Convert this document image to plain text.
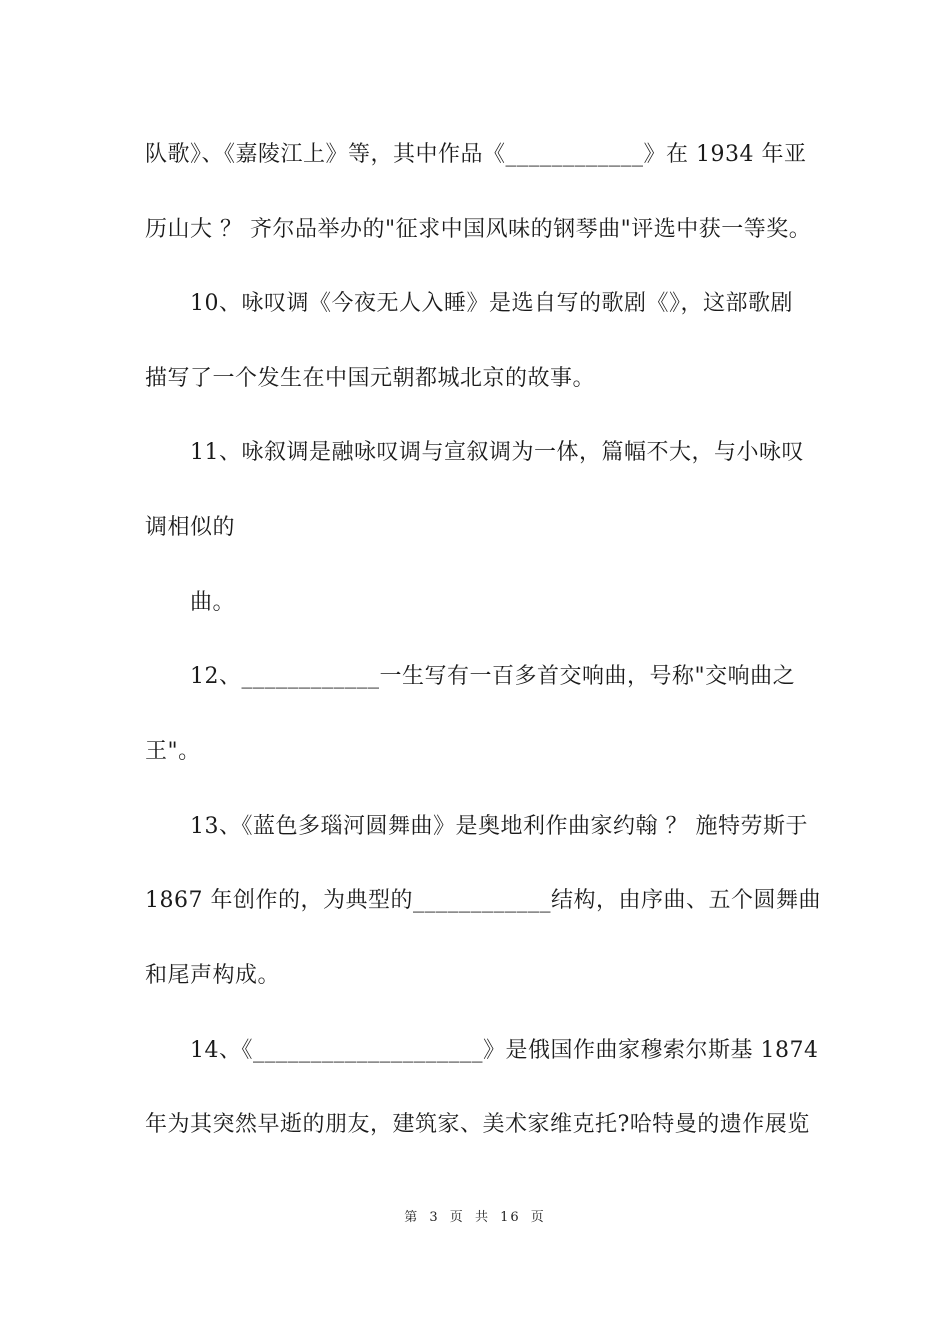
队歌》、《嘉陵江上》等，其中作品《____________》在 1934 年亚
历山大 ？ 齐尔品举办的"征求中国风味的钢琴曲"评选中获一等奖。
10、咏叹调《今夜无人入睡》是选自写的歌剧《》，这部歌剧
描写了一个发生在中国元朝都城北京的故事。
11、咏叙调是融咏叹调与宣叙调为一体，篇幅不大，与小咏叹
调相似的
曲。
12、____________一生写有一百多首交响曲，号称"交响曲之
王"。
13、《蓝色多瑙河圆舞曲》是奥地利作曲家约翰 ？ 施特劳斯于
1867 年创作的，为典型的____________结构，由序曲、五个圆舞曲
和尾声构成。
14、《____________________》是俄国作曲家穆索尔斯基 1874
年为其突然早逝的朋友，建筑家、美术家维克托?哈特曼的遗作展览
第 3 页 共 16 页
